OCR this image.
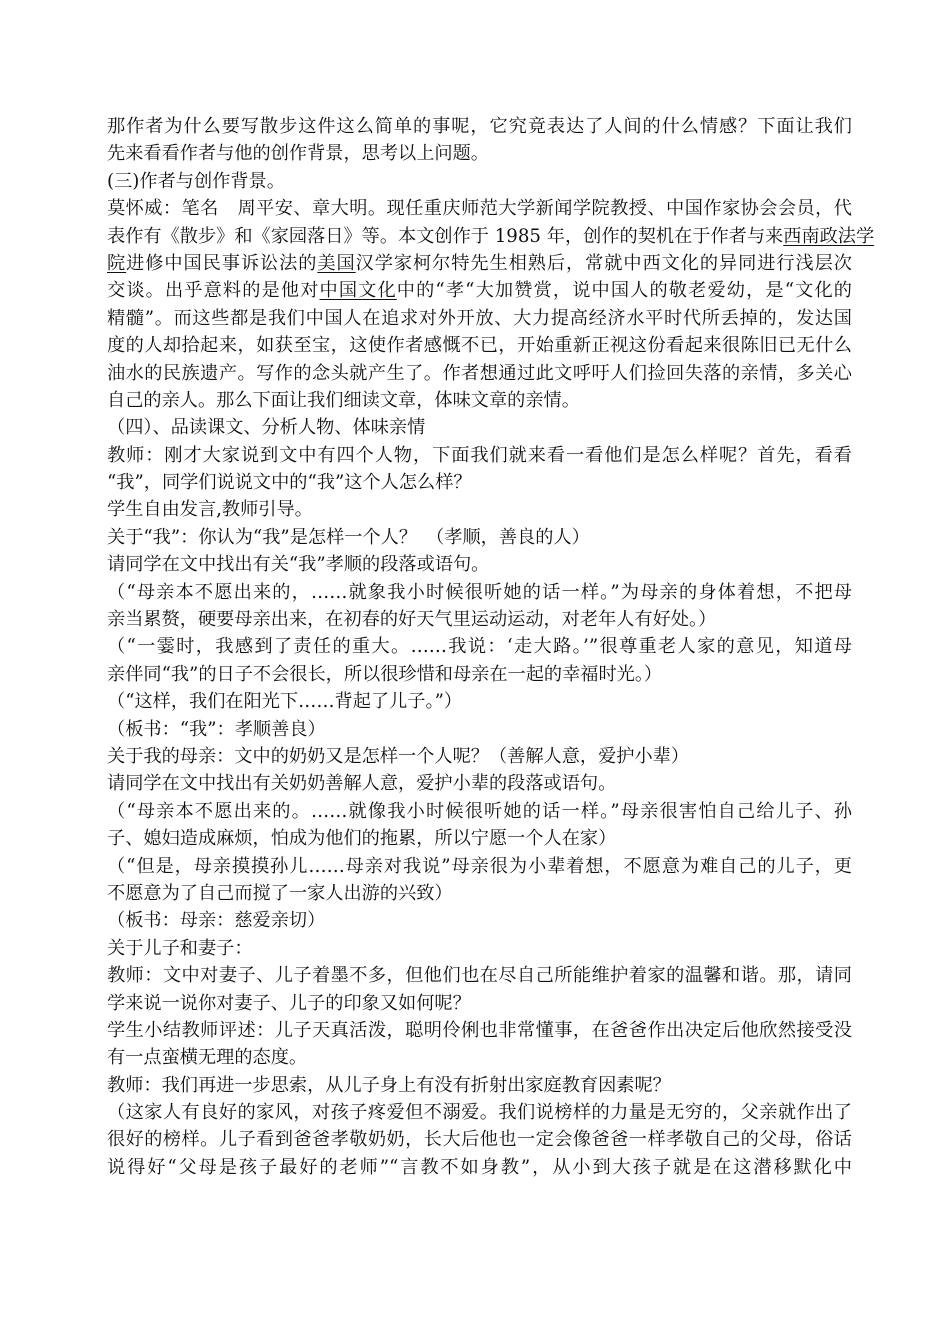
那作者为什么要写散步这件这么简单的事呢，它究竟表达了人间的什么情感？下面让我们
先来看看作者与他的创作背景，思考以上问题。
(三)作者与创作背景。
莫怀威：笔名　周平安、章大明。现任重庆师范大学新闻学院教授、中国作家协会会员，代
表作有《散步》和《家园落日》等。本文创作于 1985 年，创作的契机在于作者与来西南政法学
院进修中国民事诉讼法的美国汉学家柯尔特先生相熟后，常就中西文化的异同进行浅层次
交谈。出乎意料的是他对中国文化中的“孝“大加赞赏，说中国人的敬老爱幼，是“文化的
精髓”。而这些都是我们中国人在追求对外开放、大力提高经济水平时代所丢掉的，发达国
度的人却拾起来，如获至宝，这使作者感慨不已，开始重新正视这份看起来很陈旧已无什么
油水的民族遗产。写作的念头就产生了。作者想通过此文呼吁人们捡回失落的亲情，多关心
自己的亲人。那么下面让我们细读文章，体味文章的亲情。
（四）、品读课文、分析人物、体味亲情
教师：刚才大家说到文中有四个人物，下面我们就来看一看他们是怎么样呢？首先，看看
“我”，同学们说说文中的“我”这个人怎么样？
学生自由发言,教师引导。
关于“我”：你认为“我”是怎样一个人？　（孝顺，善良的人）
请同学在文中找出有关“我”孝顺的段落或语句。
（“母亲本不愿出来的，……就象我小时候很听她的话一样。”为母亲的身体着想，不把母
亲当累赘，硬要母亲出来，在初春的好天气里运动运动，对老年人有好处。）
（“一霎时，我感到了责任的重大。……我说：‘走大路。’”很尊重老人家的意见，知道母
亲伴同“我”的日子不会很长，所以很珍惜和母亲在一起的幸福时光。）
（“这样，我们在阳光下……背起了儿子。”）
（板书：“我”：孝顺善良）
关于我的母亲：文中的奶奶又是怎样一个人呢？（善解人意，爱护小辈）
请同学在文中找出有关奶奶善解人意，爱护小辈的段落或语句。
（“母亲本不愿出来的。……就像我小时候很听她的话一样。”母亲很害怕自己给儿子、孙
子、媳妇造成麻烦，怕成为他们的拖累，所以宁愿一个人在家）
（“但是，母亲摸摸孙儿……母亲对我说”母亲很为小辈着想，不愿意为难自己的儿子，更
不愿意为了自己而搅了一家人出游的兴致）
（板书：母亲：慈爱亲切）
关于儿子和妻子：
教师：文中对妻子、儿子着墨不多，但他们也在尽自己所能维护着家的温馨和谐。那，请同
学来说一说你对妻子、儿子的印象又如何呢？
学生小结教师评述：儿子天真活泼，聪明伶俐也非常懂事，在爸爸作出决定后他欣然接受没
有一点蛮横无理的态度。
教师：我们再进一步思索，从儿子身上有没有折射出家庭教育因素呢？
（这家人有良好的家风，对孩子疼爱但不溺爱。我们说榜样的力量是无穷的，父亲就作出了
很好的榜样。儿子看到爸爸孝敬奶奶，长大后他也一定会像爸爸一样孝敬自己的父母，俗话
说得好“父母是孩子最好的老师”“言教不如身教”，从小到大孩子就是在这潜移默化中
